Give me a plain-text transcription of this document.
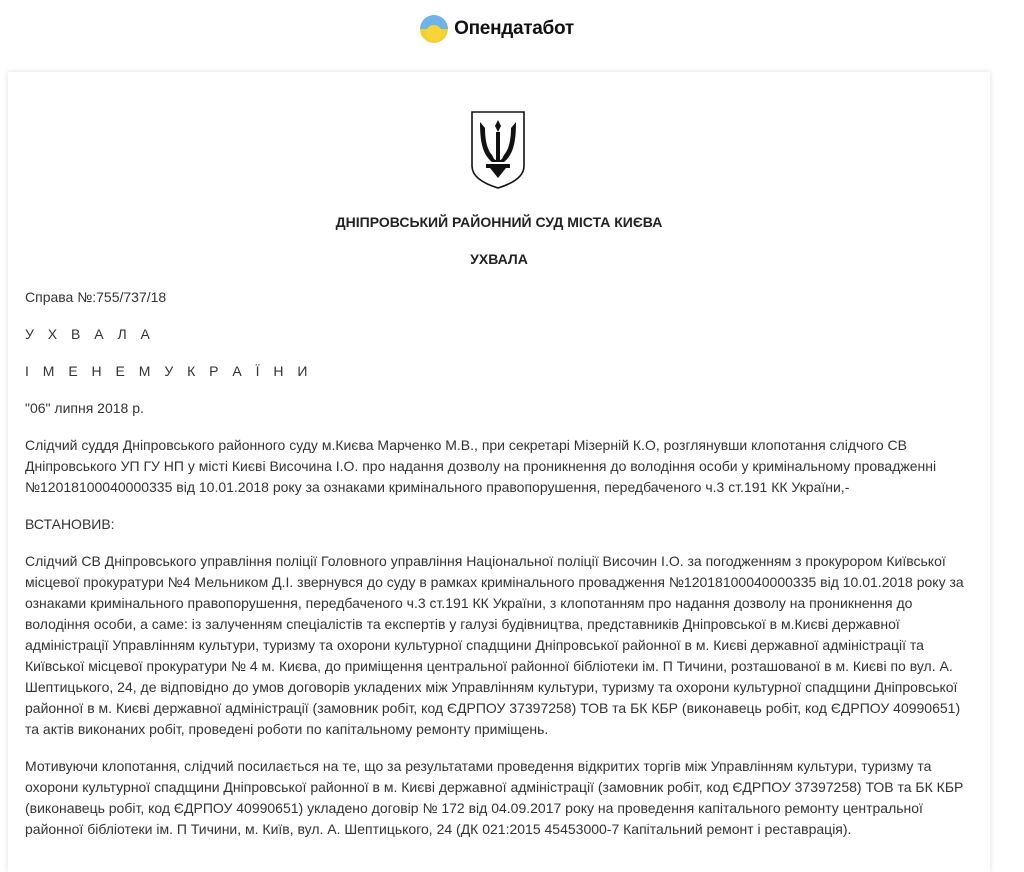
Опендатабот
ДНІПРОВСЬКИЙ РАЙОННИЙ СУД МІСТА КИЄВА
УХВАЛА

Справа №:755/737/18

У Х В А Л А

І М Е Н Е М У К Р А Ї Н И

"06" липня 2018 р.

Слідчий суддя Дніпровського районного суду м.Києва Марченко М.В., при секретарі Мізерній К.О, розглянувши клопотання слідчого СВ Дніпровського УП ГУ НП у місті Києві Височина І.О. про надання дозволу на проникнення до володіння особи у кримінальному провадженні №12018100040000335 від 10.01.2018 року за ознаками кримінального правопорушення, передбаченого ч.3 ст.191 КК України,-

ВСТАНОВИВ:

Слідчий СВ Дніпровського управління поліції Головного управління Національної поліції Височин І.О. за погодженням з прокурором Київської місцевої прокуратури №4 Мельником Д.І. звернувся до суду в рамках кримінального провадження №12018100040000335 від 10.01.2018 року за ознаками кримінального правопорушення, передбаченого ч.3 ст.191 КК України, з клопотанням про надання дозволу на проникнення до володіння особи, а саме: із залученням спеціалістів та експертів у галузі будівництва, представників Дніпровської в м.Києві державної адміністрації Управлінням культури, туризму та охорони культурної спадщини Дніпровської районної в м. Києві державної адміністрації та Київської місцевої прокуратури № 4 м. Києва, до приміщення центральної районної бібліотеки ім. П Тичини, розташованої в м. Києві по вул. А. Шептицького, 24, де відповідно до умов договорів укладених між Управлінням культури, туризму та охорони культурної спадщини Дніпровської районної в м. Києві державної адміністрації (замовник робіт, код ЄДРПОУ 37397258) ТОВ та БК КБР (виконавець робіт, код ЄДРПОУ 40990651) та актів виконаних робіт, проведені роботи по капітальному ремонту приміщень.

Мотивуючи клопотання, слідчий посилається на те, що за результатами проведення відкритих торгів між Управлінням культури, туризму та охорони культурної спадщини Дніпровської районної в м. Києві державної адміністрації (замовник робіт, код ЄДРПОУ 37397258) ТОВ та БК КБР (виконавець робіт, код ЄДРПОУ 40990651) укладено договір № 172 від 04.09.2017 року на проведення капітального ремонту центральної районної бібліотеки ім. П Тичини, м. Київ, вул. А. Шептицького, 24 (ДК 021:2015 45453000-7 Капітальний ремонт і реставрація).
